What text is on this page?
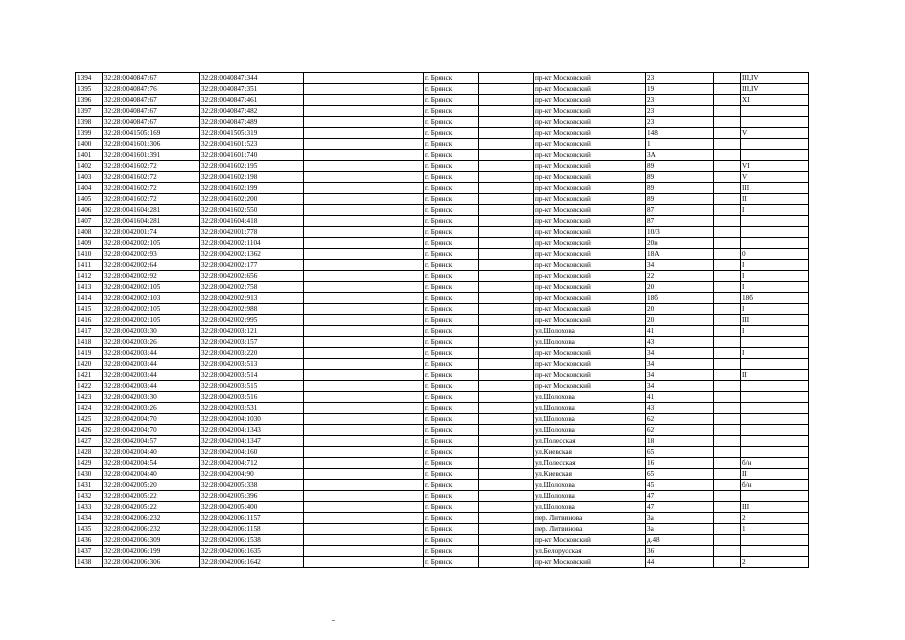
1394	32:28:0040847:67	32:28:0040847:344		г. Брянск		пр-кт Московский	23		III,IV
1395	32:28:0040847:76	32:28:0040847:351		г. Брянск		пр-кт Московский	19		III,IV
1396	32:28:0040847:67	32:28:0040847:461		г. Брянск		пр-кт Московский	23		XI
1397	32:28:0040847:67	32:28:0040847:482		г. Брянск		пр-кт Московский	23		
1398	32:28:0040847:67	32:28:0040847:489		г. Брянск		пр-кт Московский	23		
1399	32:28:0041505:169	32:28:0041505:319		г. Брянск		пр-кт Московский	148		V
1400	32:28:0041601:306	32:28:0041601:523		г. Брянск		пр-кт Московский	1		
1401	32:28:0041601:391	32:28:0041601:740		г. Брянск		пр-кт Московский	3А		
1402	32:28:0041602:72	32:28:0041602:195		г. Брянск		пр-кт Московский	89		VI
1403	32:28:0041602:72	32:28:0041602:198		г. Брянск		пр-кт Московский	89		V
1404	32:28:0041602:72	32:28:0041602:199		г. Брянск		пр-кт Московский	89		III
1405	32:28:0041602:72	32:28:0041602:200		г. Брянск		пр-кт Московский	89		II
1406	32:28:0041604:281	32:28:0041602:550		г. Брянск		пр-кт Московский	87		I
1407	32:28:0041604:281	32:28:0041604:418		г. Брянск		пр-кт Московский	87		
1408	32:28:0042001:74	32:28:0042001:778		г. Брянск		пр-кт Московский	10/3		
1409	32:28:0042002:105	32:28:0042002:1104		г. Брянск		пр-кт Московский	20в		
1410	32:28:0042002:93	32:28:0042002:1362		г. Брянск		пр-кт Московский	18А		0
1411	32:28:0042002:64	32:28:0042002:177		г. Брянск		пр-кт Московский	34		I
1412	32:28:0042002:92	32:28:0042002:656		г. Брянск		пр-кт Московский	22		I
1413	32:28:0042002:105	32:28:0042002:758		г. Брянск		пр-кт Московский	20		I
1414	32:28:0042002:103	32:28:0042002:913		г. Брянск		пр-кт Московский	18б		18б
1415	32:28:0042002:105	32:28:0042002:988		г. Брянск		пр-кт Московский	20		I
1416	32:28:0042002:105	32:28:0042002:995		г. Брянск		пр-кт Московский	20		III
1417	32:28:0042003:30	32:28:0042003:121		г. Брянск		ул.Шолохова	41		I
1418	32:28:0042003:26	32:28:0042003:157		г. Брянск		ул.Шолохова	43		
1419	32:28:0042003:44	32:28:0042003:220		г. Брянск		пр-кт Московский	34		I
1420	32:28:0042003:44	32:28:0042003:513		г. Брянск		пр-кт Московский	34		
1421	32:28:0042003:44	32:28:0042003:514		г. Брянск		пр-кт Московский	34		II
1422	32:28:0042003:44	32:28:0042003:515		г. Брянск		пр-кт Московский	34		
1423	32:28:0042003:30	32:28:0042003:516		г. Брянск		ул.Шолохова	41		
1424	32:28:0042003:26	32:28:0042003:531		г. Брянск		ул.Шолохова	43		
1425	32:28:0042004:70	32:28:0042004:1030		г. Брянск		ул.Шолохова	62		
1426	32:28:0042004:70	32:28:0042004:1343		г. Брянск		ул.Шолохова	62		
1427	32:28:0042004:57	32:28:0042004:1347		г. Брянск		ул.Полесская	18		
1428	32:28:0042004:40	32:28:0042004:160		г. Брянск		ул.Киевская	65		
1429	32:28:0042004:54	32:28:0042004:712		г. Брянск		ул.Полесская	16		б/н
1430	32:28:0042004:40	32:28:0042004:90		г. Брянск		ул.Киевская	65		II
1431	32:28:0042005:20	32:28:0042005:338		г. Брянск		ул.Шолохова	45		б/н
1432	32:28:0042005:22	32:28:0042005:396		г. Брянск		ул.Шолохова	47		
1433	32:28:0042005:22	32:28:0042005:400		г. Брянск		ул.Шолохова	47		III
1434	32:28:0042006:232	32:28:0042006:1157		г. Брянск		пер. Литвинова	3а		2
1435	32:28:0042006:232	32:28:0042006:1158		г. Брянск		пер. Литвинова	3а		1
1436	32:28:0042006:309	32:28:0042006:1538		г. Брянск		пр-кт Московский	д.48		
1437	32:28:0042006:199	32:28:0042006:1635		г. Брянск		ул.Белорусская	36		
1438	32:28:0042006:306	32:28:0042006:1642		г. Брянск		пр-кт Московский	44		2
